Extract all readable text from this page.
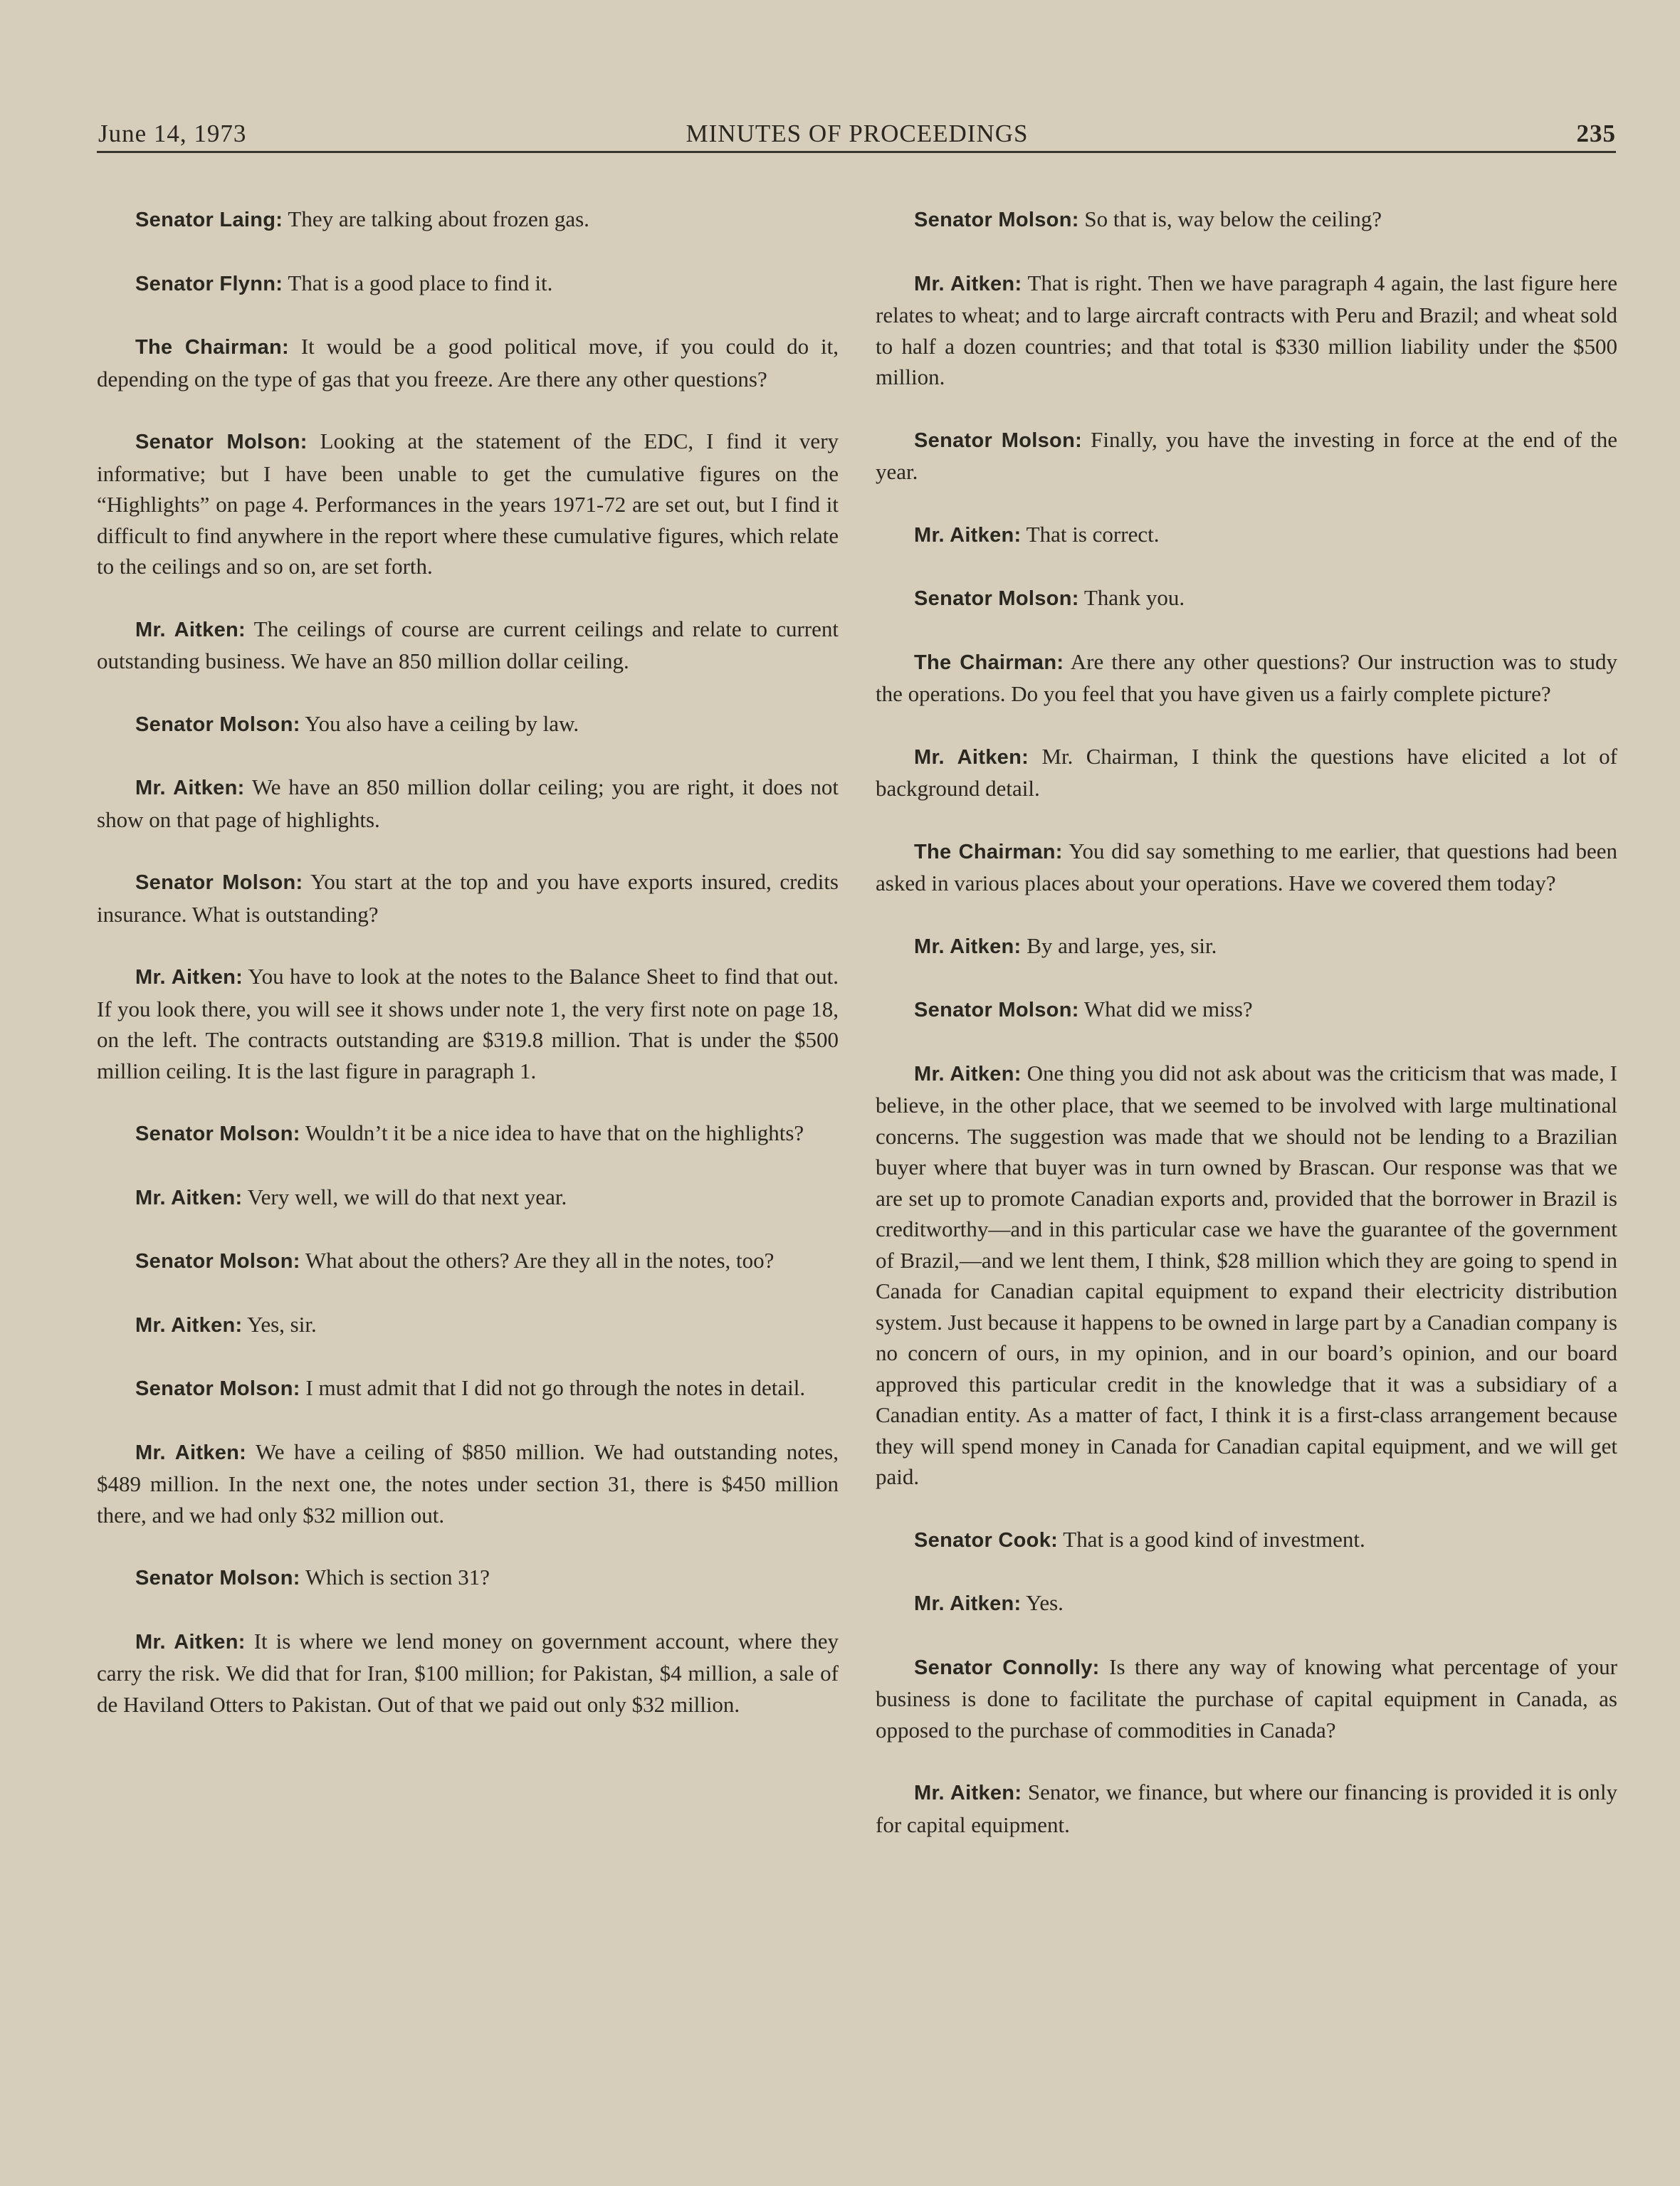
June 14, 1973	MINUTES OF PROCEEDINGS	235

Senator Laing: They are talking about frozen gas.

Senator Flynn: That is a good place to find it.

The Chairman: It would be a good political move, if you could do it, depending on the type of gas that you freeze. Are there any other questions?

Senator Molson: Looking at the statement of the EDC, I find it very informative; but I have been unable to get the cumulative figures on the “Highlights” on page 4. Performances in the years 1971-72 are set out, but I find it difficult to find anywhere in the report where these cumulative figures, which relate to the ceilings and so on, are set forth.

Mr. Aitken: The ceilings of course are current ceilings and relate to current outstanding business. We have an 850 million dollar ceiling.

Senator Molson: You also have a ceiling by law.

Mr. Aitken: We have an 850 million dollar ceiling; you are right, it does not show on that page of highlights.

Senator Molson: You start at the top and you have exports insured, credits insurance. What is outstanding?

Mr. Aitken: You have to look at the notes to the Balance Sheet to find that out. If you look there, you will see it shows under note 1, the very first note on page 18, on the left. The contracts outstanding are $319.8 million. That is under the $500 million ceiling. It is the last figure in paragraph 1.

Senator Molson: Wouldn’t it be a nice idea to have that on the highlights?

Mr. Aitken: Very well, we will do that next year.

Senator Molson: What about the others? Are they all in the notes, too?

Mr. Aitken: Yes, sir.

Senator Molson: I must admit that I did not go through the notes in detail.

Mr. Aitken: We have a ceiling of $850 million. We had outstanding notes, $489 million. In the next one, the notes under section 31, there is $450 million there, and we had only $32 million out.

Senator Molson: Which is section 31?

Mr. Aitken: It is where we lend money on government account, where they carry the risk. We did that for Iran, $100 million; for Pakistan, $4 million, a sale of de Haviland Otters to Pakistan. Out of that we paid out only $32 million.

Senator Molson: So that is, way below the ceiling?

Mr. Aitken: That is right. Then we have paragraph 4 again, the last figure here relates to wheat; and to large aircraft contracts with Peru and Brazil; and wheat sold to half a dozen countries; and that total is $330 million liability under the $500 million.

Senator Molson: Finally, you have the investing in force at the end of the year.

Mr. Aitken: That is correct.

Senator Molson: Thank you.

The Chairman: Are there any other questions? Our instruction was to study the operations. Do you feel that you have given us a fairly complete picture?

Mr. Aitken: Mr. Chairman, I think the questions have elicited a lot of background detail.

The Chairman: You did say something to me earlier, that questions had been asked in various places about your operations. Have we covered them today?

Mr. Aitken: By and large, yes, sir.

Senator Molson: What did we miss?

Mr. Aitken: One thing you did not ask about was the criticism that was made, I believe, in the other place, that we seemed to be involved with large multinational concerns. The suggestion was made that we should not be lending to a Brazilian buyer where that buyer was in turn owned by Brascan. Our response was that we are set up to promote Canadian exports and, provided that the borrower in Brazil is creditworthy—and in this particular case we have the guarantee of the government of Brazil,—and we lent them, I think, $28 million which they are going to spend in Canada for Canadian capital equipment to expand their electricity distribution system. Just because it happens to be owned in large part by a Canadian company is no concern of ours, in my opinion, and in our board’s opinion, and our board approved this particular credit in the knowledge that it was a subsidiary of a Canadian entity. As a matter of fact, I think it is a first-class arrangement because they will spend money in Canada for Canadian capital equipment, and we will get paid.

Senator Cook: That is a good kind of investment.

Mr. Aitken: Yes.

Senator Connolly: Is there any way of knowing what percentage of your business is done to facilitate the purchase of capital equipment in Canada, as opposed to the purchase of commodities in Canada?

Mr. Aitken: Senator, we finance, but where our financing is provided it is only for capital equipment.
